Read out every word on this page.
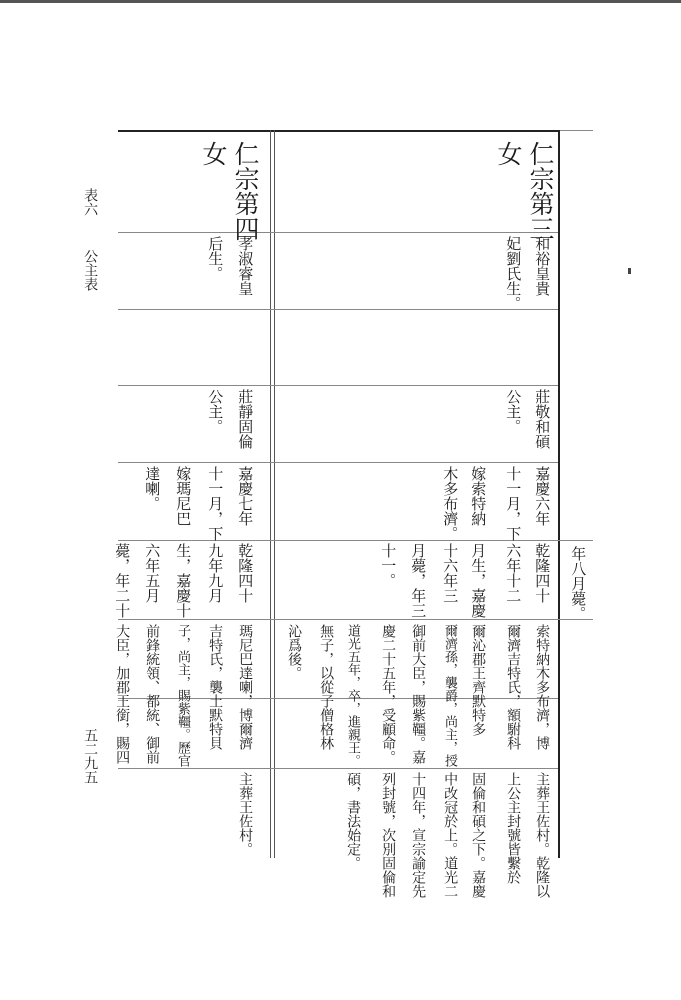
表六
公主表
五二九五
仁宗第三
女
和裕皇貴
妃劉氏生。
莊敬和碩
公主。
嘉慶六年
十一月，下
嫁索特納
木多布濟。
年八月薨。
乾隆四十
六年十二
月生，嘉慶
十六年三
月薨，年三
十一。
索特納木多布濟，博
爾濟吉特氏，額駙科
爾沁郡王齊默特多
爾濟孫，襲爵，尚主，授
御前大臣，賜紫韁。嘉
慶二十五年，受顧命。
道光五年，卒，進親王。
無子，以從子僧格林
沁爲後。
主葬王佐村。乾隆以
上公主封號皆繫於
固倫和碩之下。嘉慶
中改冠於上。道光二
十四年，宣宗諭定先
列封號，次別固倫和
碩，書法始定。
仁宗第四
女
孝淑睿皇
后生。
莊靜固倫
公主。
嘉慶七年
十一月，下
嫁瑪尼巴
達喇。
乾隆四十
九年九月
生，嘉慶十
六年五月
薨，年二十
瑪尼巴達喇，博爾濟
吉特氏，襲土默特貝
子，尚主，賜紫韁。歷官
前鋒統領、都統、御前
大臣，加郡王銜，賜四
主葬王佐村。
